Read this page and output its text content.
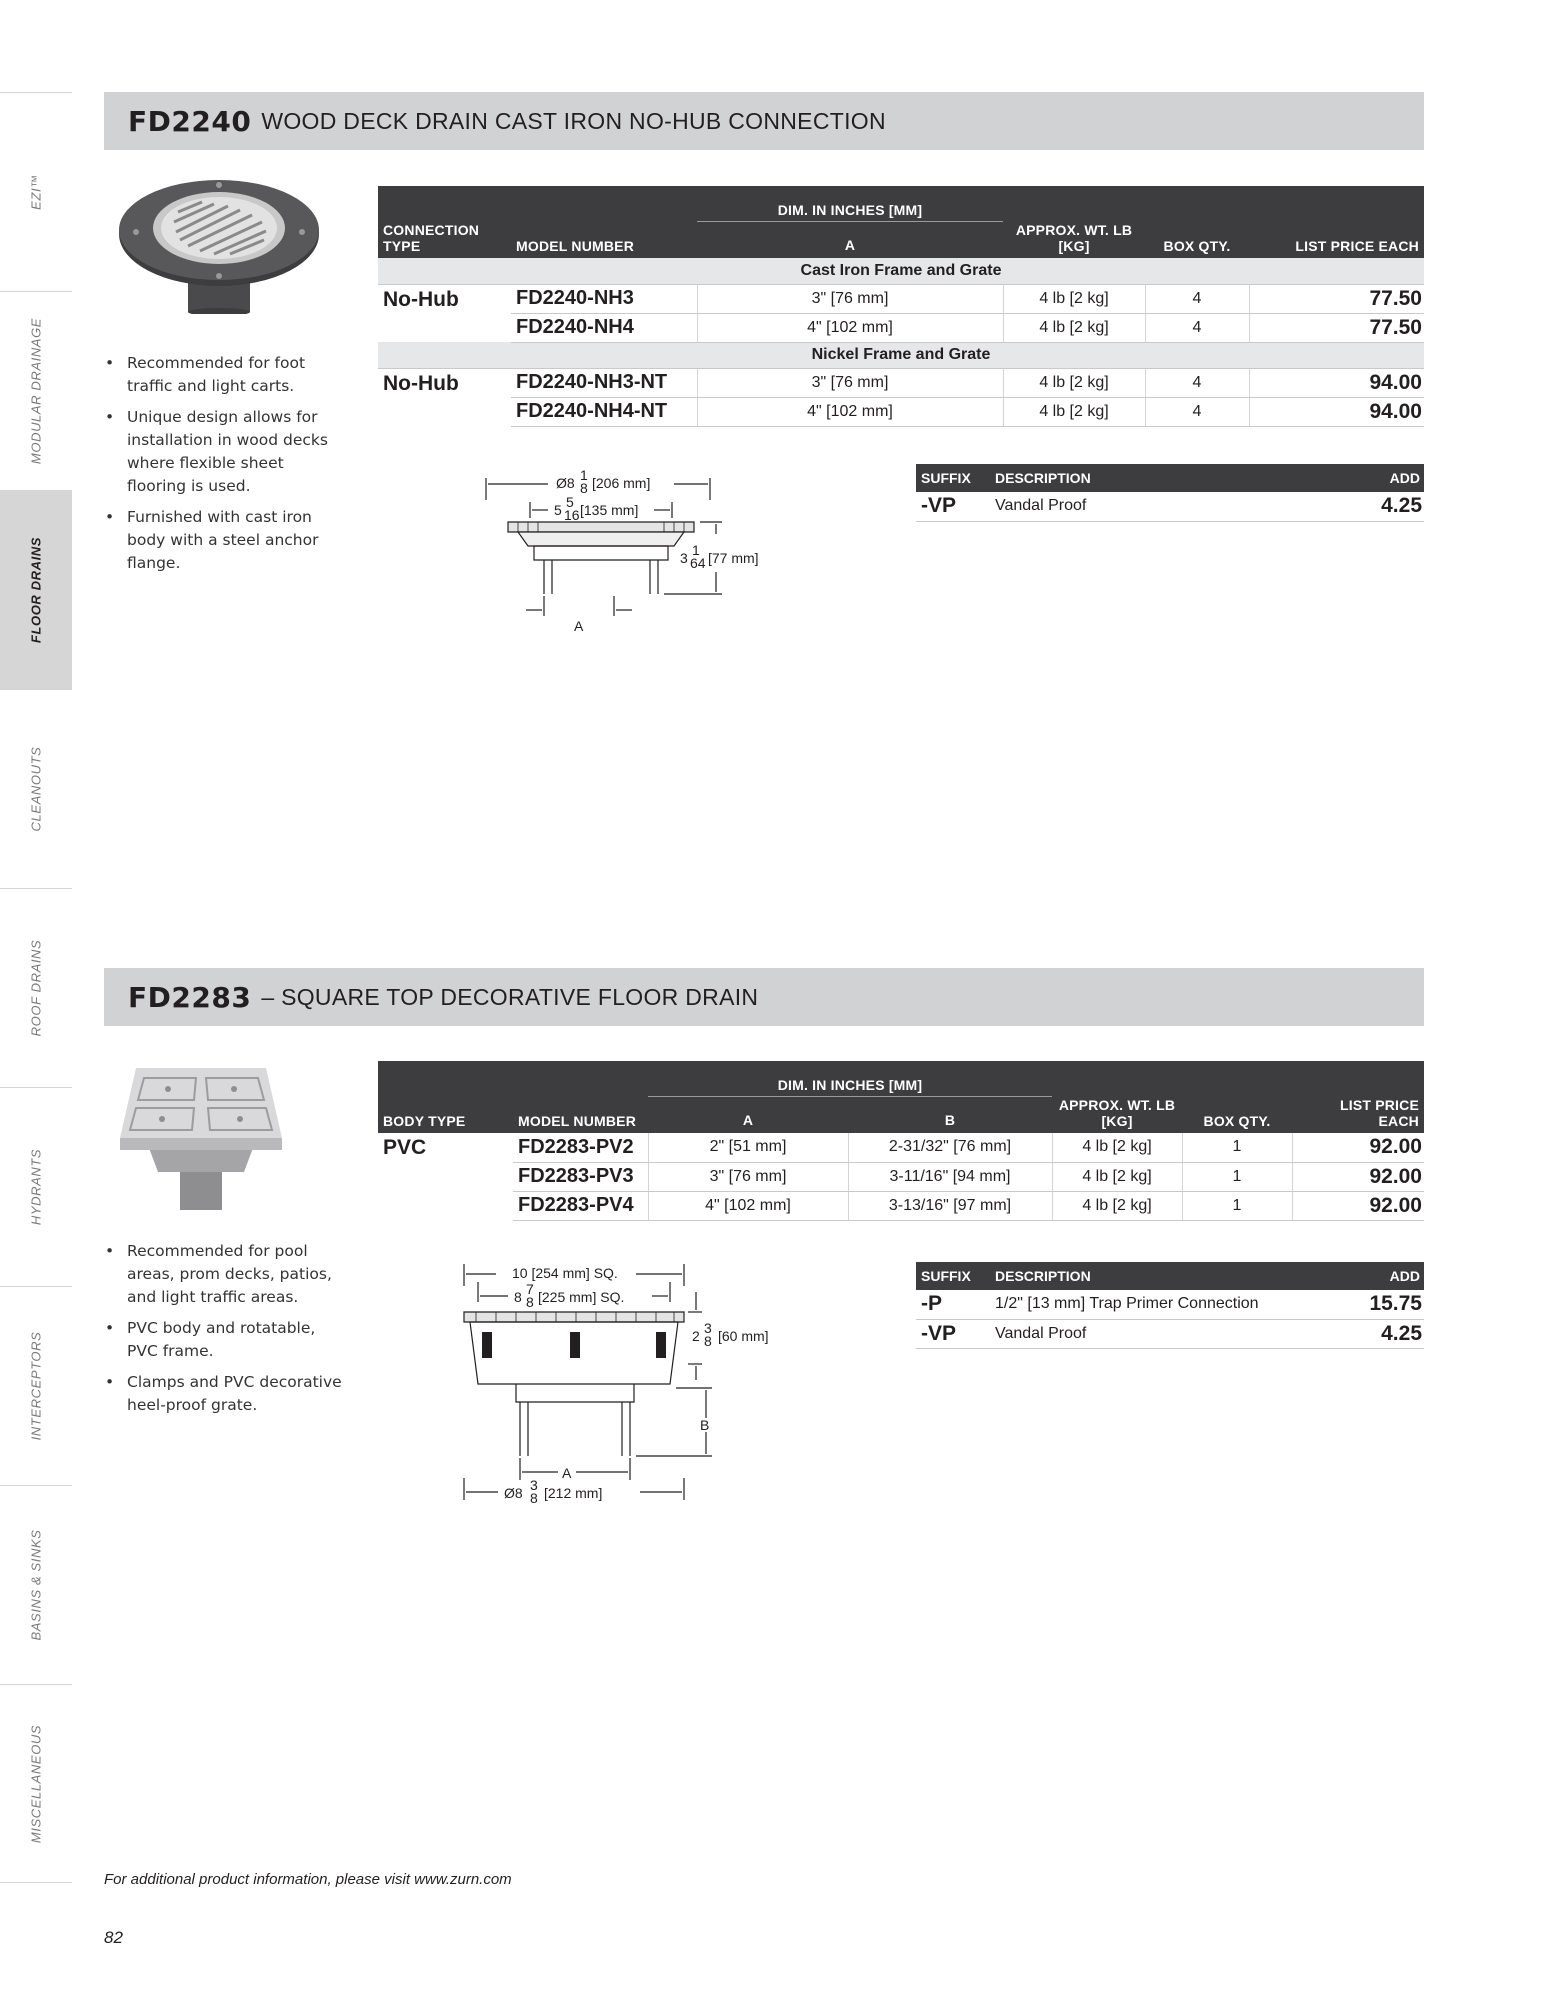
EZI™
MODULAR DRAINAGE
FLOOR DRAINS
CLEANOUTS
ROOF DRAINS
HYDRANTS
INTERCEPTORS
BASINS & SINKS
MISCELLANEOUS
FD2240 WOOD DECK DRAIN CAST IRON NO-HUB CONNECTION
• Recommended for foot traffic and light carts.
• Unique design allows for installation in wood decks where flexible sheet flooring is used.
• Furnished with cast iron body with a steel anchor flange.
CONNECTION TYPE	MODEL NUMBER	DIM. IN INCHES [MM]	APPROX. WT. LB [KG]	BOX QTY.	LIST PRICE EACH
		A			
Cast Iron Frame and Grate					
No-Hub	FD2240-NH3	3" [76 mm]	4 lb [2 kg]	4	77.50
	FD2240-NH4	4" [102 mm]	4 lb [2 kg]	4	77.50
Nickel Frame and Grate					
No-Hub	FD2240-NH3-NT	3" [76 mm]	4 lb [2 kg]	4	94.00
	FD2240-NH4-NT	4" [102 mm]	4 lb [2 kg]	4	94.00
Ø8 1
8 [206 mm]
5 5
16 [135 mm]
3 1
64 [77 mm]
A
SUFFIX	DESCRIPTION	ADD
-VP	Vandal Proof	4.25
FD2283 – SQUARE TOP DECORATIVE FLOOR DRAIN
• Recommended for pool areas, prom decks, patios, and light traffic areas.
• PVC body and rotatable, PVC frame.
• Clamps and PVC decorative heel-proof grate.
BODY TYPE	MODEL NUMBER	DIM. IN INCHES [MM]		APPROX. WT. LB [KG]	BOX QTY.	LIST PRICE EACH
		A	B			
PVC	FD2283-PV2	2" [51 mm]	2-31/32" [76 mm]	4 lb [2 kg]	1	92.00
	FD2283-PV3	3" [76 mm]	3-11/16" [94 mm]	4 lb [2 kg]	1	92.00
	FD2283-PV4	4" [102 mm]	3-13/16" [97 mm]	4 lb [2 kg]	1	92.00
10 [254 mm] SQ.
8 7
8 [225 mm] SQ.
2 3
8 [60 mm]
B
A
Ø8 3
8 [212 mm]
SUFFIX	DESCRIPTION	ADD
-P	1/2" [13 mm] Trap Primer Connection	15.75
-VP	Vandal Proof	4.25
For additional product information, please visit www.zurn.com
82
